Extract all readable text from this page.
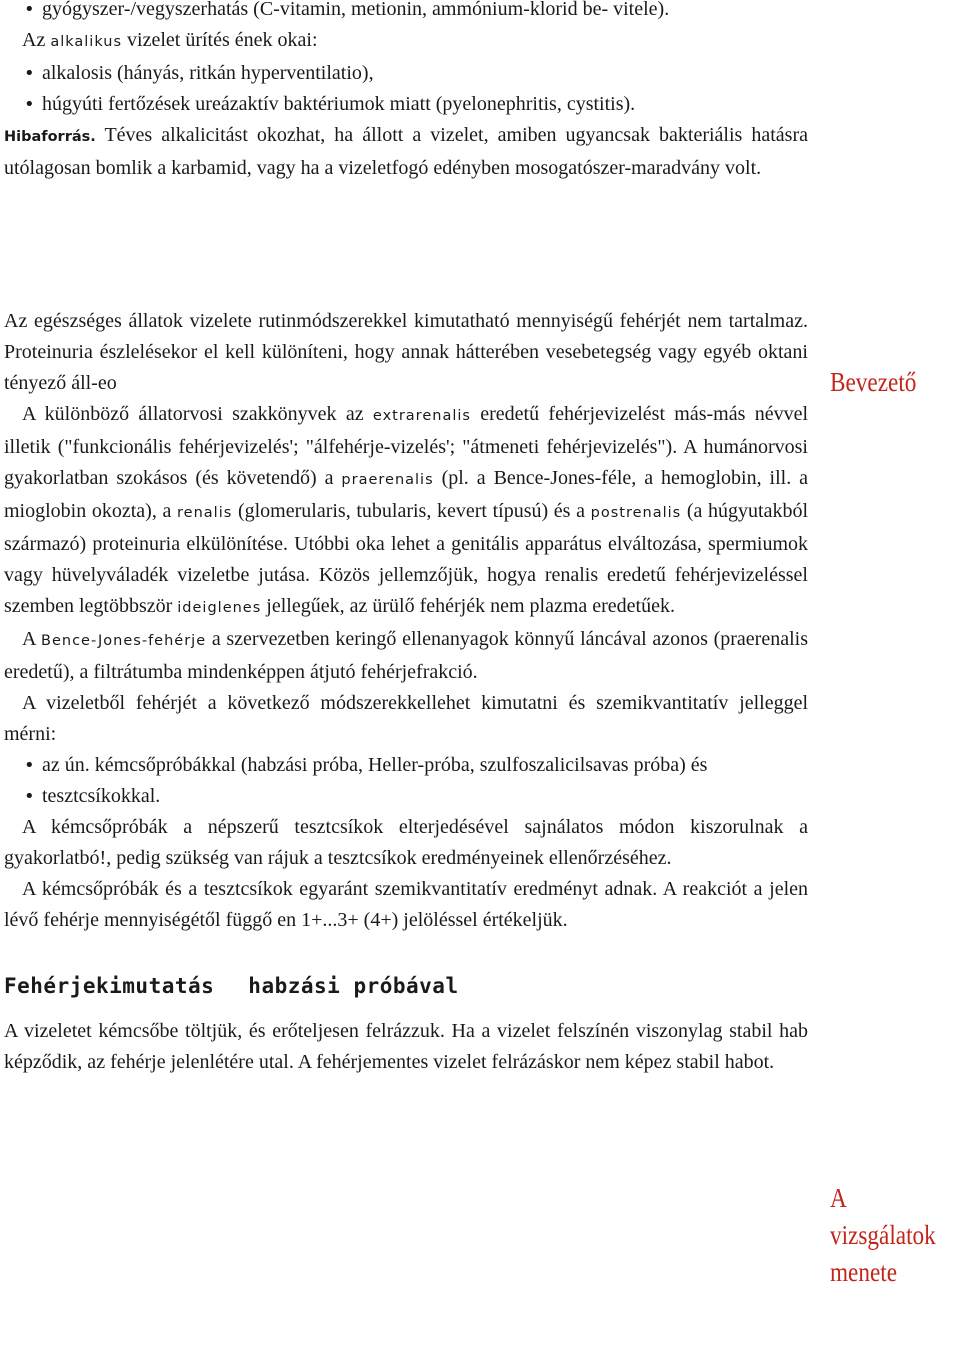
• gyógyszer-/vegyszerhatás (C-vitamin, metionin, ammónium-klorid be- vitele).

Az alkalikus vizelet ürítés ének okai:

• alkalosis (hányás, ritkán hyperventilatio),

• húgyúti fertőzések ureázaktív baktériumok miatt (pyelonephritis, cystitis).

Hibaforrás. Téves alkalicitást okozhat, ha állott a vizelet, amiben ugyancsak bakteriális hatásra utólagosan bomlik a karbamid, vagy ha a vizeletfogó edényben mosogatószer-maradvány volt.

Az egészséges állatok vizelete rutinmódszerekkel kimutatható mennyiségű fehérjét nem tartalmaz. Proteinuria észlelésekor el kell különíteni, hogy annak hátterében vesebetegség vagy egyéb oktani tényező áll-eo

A különböző állatorvosi szakkönyvek az extrarenalis eredetű fehérjevizelést más-más névvel illetik ("funkcionális fehérjevizelés'; "álfehérje-vizelés'; "átmeneti fehérjevizelés"). A humánorvosi gyakorlatban szokásos (és követendő) a praerenalis (pl. a Bence-Jones-féle, a hemoglobin, ill. a mioglobin okozta), a renalis (glomerularis, tubularis, kevert típusú) és a postrenalis (a húgyutakból származó) proteinuria elkülönítése. Utóbbi oka lehet a genitális apparátus elváltozása, spermiumok vagy hüvelyváladék vizeletbe jutása. Közös jellemzőjük, hogya renalis eredetű fehérjevizeléssel szemben legtöbbször ideiglenes jellegűek, az ürülő fehérjék nem plazma eredetűek.

A Bence-Jones-fehérje a szervezetben keringő ellenanyagok könnyű láncával azonos (praerenalis eredetű), a filtrátumba mindenképpen átjutó fehérjefrakció.

A vizeletből fehérjét a következő módszerekkellehet kimutatni és szemikvantitatív jelleggel mérni:

• az ún. kémcsőpróbákkal (habzási próba, Heller-próba, szulfoszalicilsavas próba) és

• tesztcsíkokkal.

A kémcsőpróbák a népszerű tesztcsíkok elterjedésével sajnálatos módon kiszorulnak a gyakorlatbó!, pedig szükség van rájuk a tesztcsíkok eredményeinek ellenőrzéséhez.

A kémcsőpróbák és a tesztcsíkok egyaránt szemikvantitatív eredményt adnak. A reakciót a jelen lévő fehérje mennyiségétől függő en 1+...3+ (4+) jelöléssel értékeljük.

Fehérjekimutatás habzási próbával

A vizeletet kémcsőbe töltjük, és erőteljesen felrázzuk. Ha a vizelet felszínén viszonylag stabil hab képződik, az fehérje jelenlétére utal. A fehérjementes vizelet felrázáskor nem képez stabil habot.

Bevezető
A vizsgálatok menete
